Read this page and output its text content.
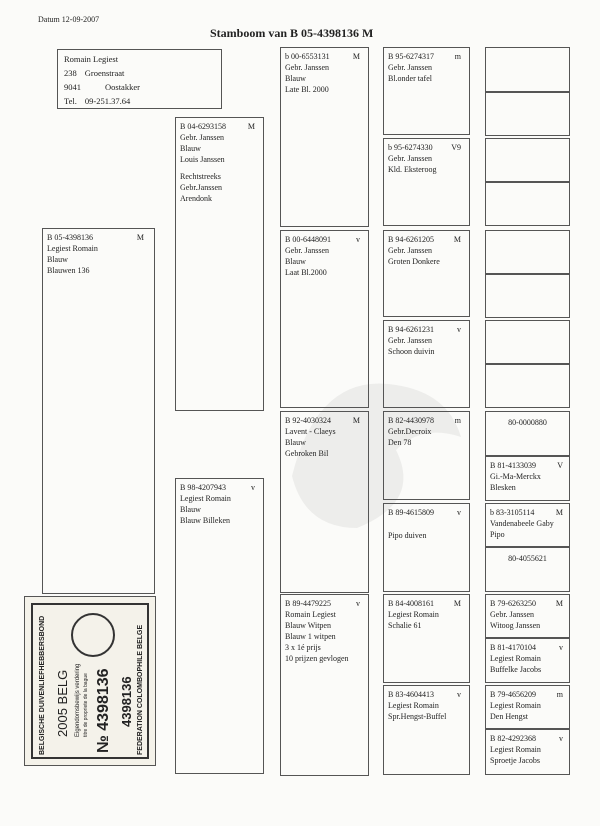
Datum 12-09-2007
Stamboom van B 05-4398136 M
Romain Legiest
238 Groenstraat
9041	Oostakker
Tel. 09-251.37.64
B 05-4398136	M
Legiest Romain
Blauw
Blauwen 136
B 04-6293158	M
Gebr. Janssen
Blauw
Louis Janssen
Rechtstreeks
Gebr.Janssen
Arendonk
B 98-4207943	v
Legiest Romain
Blauw
Blauw Billeken
b 00-6553131	M
Gebr. Janssen
Blauw
Late Bl. 2000
B 00-6448091	v
Gebr. Janssen
Blauw
Laat Bl.2000
B 92-4030324	M
Lavent - Claeys
Blauw
Gebroken Bil
B 89-4479225	v
Romain Legiest
Blauw Witpen
Blauw 1 witpen
3 x 1é prijs
10 prijzen gevlogen
B 95-6274317	m
Gebr. Janssen
Bl.onder tafel
b 95-6274330 V9
Gebr. Janssen
Kld. Eksteroog
B 94-6261205 M
Gebr. Janssen
Groten Donkere
B 94-6261231	v
Gebr. Janssen
Schoon duivin
B 82-4430978	m
Gebr.Decroix
Den 78
B 89-4615809	v
Pipo duiven
B 84-4008161 M
Legiest Romain
Schalie 61
B 83-4604413	v
Legiest Romain
Spr.Hengst-Buffel
80-0000880
B 81-4133039	V
Gi.-Ma-Merckx
Blesken
b 83-3105114	M
Vandenabeele Gaby
Pipo
80-4055621
B 79-6263250 M
Gebr. Janssen
Witoog Janssen
B 81-4170104	v
Legiest Romain
Buffelke Jacobs
B 79-4656209	m
Legiest Romain
Den Hengst
B 82-4292368	v
Legiest Romain
Sproetje Jacobs
BELGISCHE DUIVENLIEFHEBBERSBOND 2005 BELG Eigendomsbewijs verdering titre de propriete de la bague № 4398136 4398136 FEDERATION COLOMBOPHILE BELGE
